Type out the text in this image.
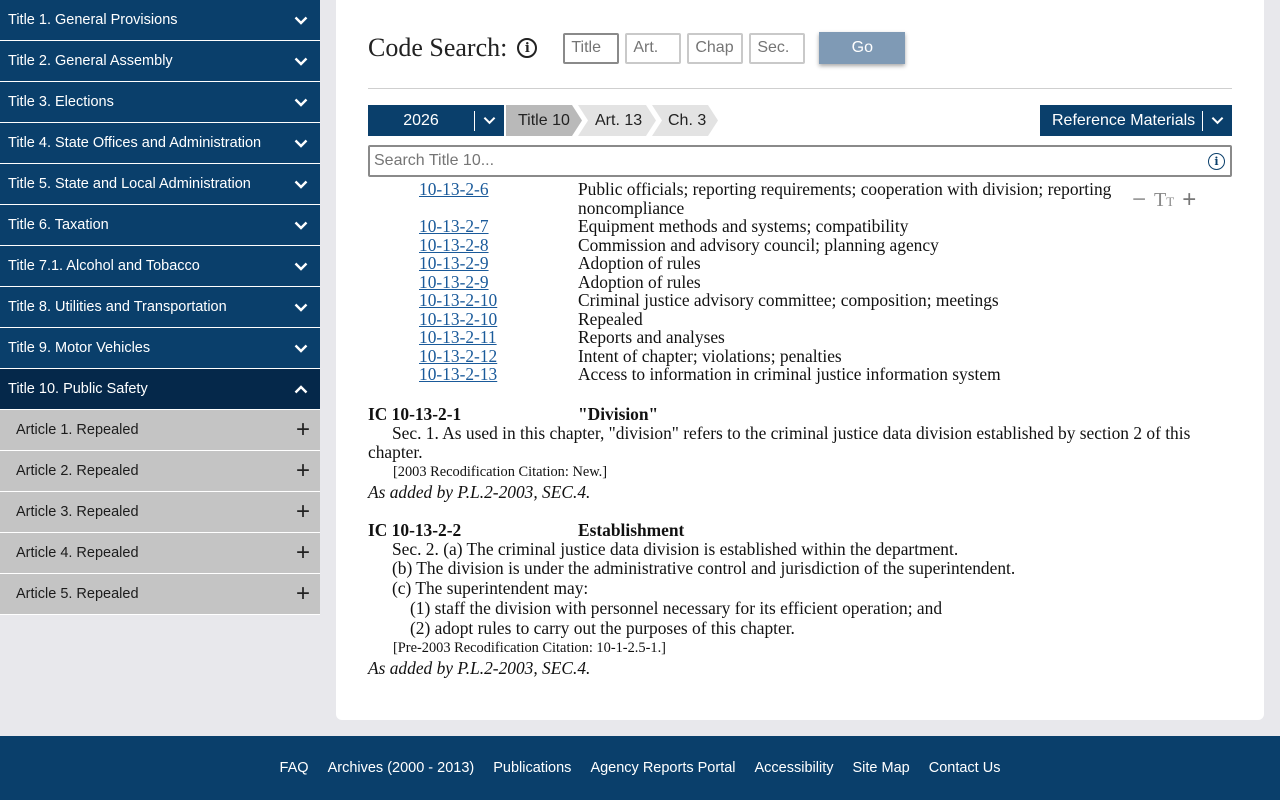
Title 1. General Provisions
Title 2. General Assembly
Title 3. Elections
Title 4. State Offices and Administration
Title 5. State and Local Administration
Title 6. Taxation
Title 7.1. Alcohol and Tobacco
Title 8. Utilities and Transportation
Title 9. Motor Vehicles
Title 10. Public Safety
Article 1. Repealed	+
Article 2. Repealed	+
Article 3. Repealed	+
Article 4. Repealed	+
Article 5. Repealed	+
Code Search:	i
Title
Art.
Chap.
Sec.	Go
2026	Title 10	Art. 13	Ch. 3	Reference Materials
Search Title 10...
i
− TT +
10-13-2-6	Public officials; reporting requirements; cooperation with division; reporting noncompliance
10-13-2-7	Equipment methods and systems; compatibility
10-13-2-8	Commission and advisory council; planning agency
10-13-2-9	Adoption of rules
10-13-2-9	Adoption of rules
10-13-2-10	Criminal justice advisory committee; composition; meetings
10-13-2-10	Repealed
10-13-2-11	Reports and analyses
10-13-2-12	Intent of chapter; violations; penalties
10-13-2-13	Access to information in criminal justice information system
IC 10-13-2-1	"Division"
Sec. 1. As used in this chapter, "division" refers to the criminal justice data division established by section 2 of this chapter.
[2003 Recodification Citation: New.]
As added by P.L.2-2003, SEC.4.
IC 10-13-2-2	Establishment
Sec. 2. (a) The criminal justice data division is established within the department.
(b) The division is under the administrative control and jurisdiction of the superintendent.
(c) The superintendent may:
(1) staff the division with personnel necessary for its efficient operation; and
(2) adopt rules to carry out the purposes of this chapter.
[Pre-2003 Recodification Citation: 10-1-2.5-1.]
As added by P.L.2-2003, SEC.4.
FAQ	Archives (2000 - 2013)	Publications	Agency Reports Portal	Accessibility	Site Map	Contact Us
